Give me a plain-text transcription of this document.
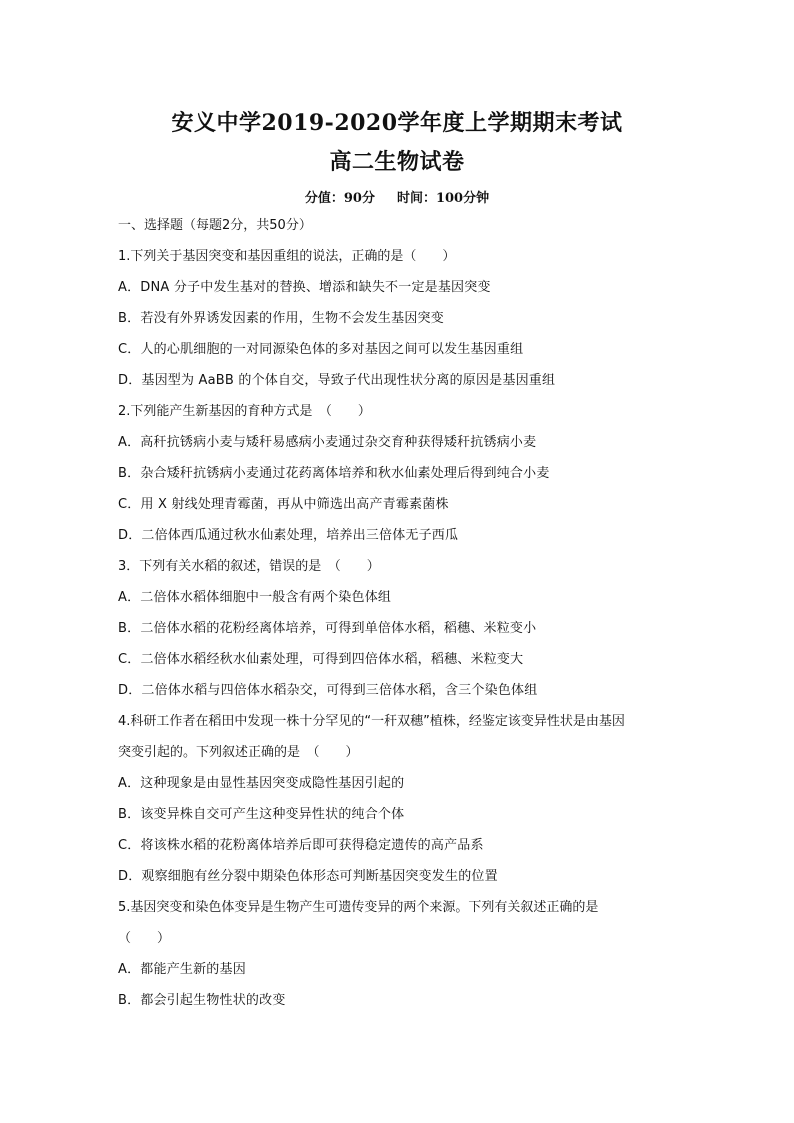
安义中学2019-2020学年度上学期期末考试
高二生物试卷
分值：90分 时间：100分钟
一、选择题（每题2分，共50分）
1.下列关于基因突变和基因重组的说法，正确的是（　　）
A．DNA 分子中发生基对的替换、增添和缺失不一定是基因突变
B．若没有外界诱发因素的作用，生物不会发生基因突变
C．人的心肌细胞的一对同源染色体的多对基因之间可以发生基因重组
D．基因型为 AaBB 的个体自交，导致子代出现性状分离的原因是基因重组
2.下列能产生新基因的育种方式是　（　　）
A．高秆抗锈病小麦与矮秆易感病小麦通过杂交育种获得矮秆抗锈病小麦
B．杂合矮秆抗锈病小麦通过花药离体培养和秋水仙素处理后得到纯合小麦
C．用 X 射线处理青霉菌，再从中筛选出高产青霉素菌株
D．二倍体西瓜通过秋水仙素处理，培养出三倍体无子西瓜
3．下列有关水稻的叙述，错误的是　（　　）
A．二倍体水稻体细胞中一般含有两个染色体组
B．二倍体水稻的花粉经离体培养，可得到单倍体水稻，稻穗、米粒变小
C．二倍体水稻经秋水仙素处理，可得到四倍体水稻，稻穗、米粒变大
D．二倍体水稻与四倍体水稻杂交，可得到三倍体水稻，含三个染色体组
4.科研工作者在稻田中发现一株十分罕见的“一秆双穗”植株，经鉴定该变异性状是由基因
突变引起的。下列叙述正确的是　（　　）
A．这种现象是由显性基因突变成隐性基因引起的
B．该变异株自交可产生这种变异性状的纯合个体
C．将该株水稻的花粉离体培养后即可获得稳定遗传的高产品系
D．观察细胞有丝分裂中期染色体形态可判断基因突变发生的位置
5.基因突变和染色体变异是生物产生可遗传变异的两个来源。下列有关叙述正确的是
（　　）
A．都能产生新的基因
B．都会引起生物性状的改变
